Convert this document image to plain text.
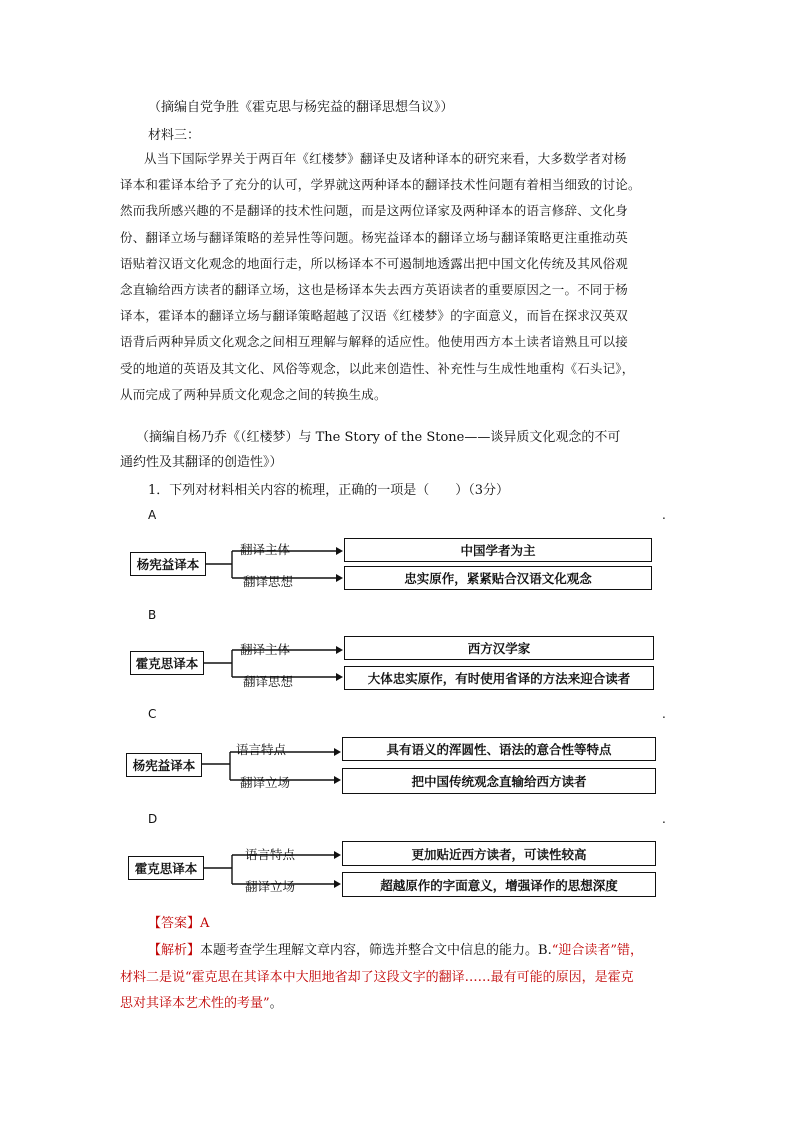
（摘编自党争胜《霍克思与杨宪益的翻译思想刍议》）
材料三：
从当下国际学界关于两百年《红楼梦》翻译史及诸种译本的研究来看，大多数学者对杨
译本和霍译本给予了充分的认可，学界就这两种译本的翻译技术性问题有着相当细致的讨论。
然而我所感兴趣的不是翻译的技术性问题，而是这两位译家及两种译本的语言修辞、文化身
份、翻译立场与翻译策略的差异性等问题。杨宪益译本的翻译立场与翻译策略更注重推动英
语贴着汉语文化观念的地面行走，所以杨译本不可遏制地透露出把中国文化传统及其风俗观
念直输给西方读者的翻译立场，这也是杨译本失去西方英语读者的重要原因之一。不同于杨
译本，霍译本的翻译立场与翻译策略超越了汉语《红楼梦》的字面意义，而旨在探求汉英双
语背后两种异质文化观念之间相互理解与解释的适应性。他使用西方本土读者谙熟且可以接
受的地道的英语及其文化、风俗等观念，以此来创造性、补充性与生成性地重构《石头记》，
从而完成了两种异质文化观念之间的转换生成。
（摘编自杨乃乔《（红楼梦）与 The Story of the Stone——谈异质文化观念的不可
通约性及其翻译的创造性》）
1．下列对材料相关内容的梳理，正确的一项是（　　）（3分）
A	.
杨宪益译本
翻译主体
翻译思想
中国学者为主
忠实原作，紧紧贴合汉语文化观念
B
霍克思译本
翻译主体
翻译思想
西方汉学家
大体忠实原作，有时使用省译的方法来迎合读者
C	.
杨宪益译本
语言特点
翻译立场
具有语义的浑圆性、语法的意合性等特点
把中国传统观念直输给西方读者
D	.
霍克思译本
语言特点
翻译立场
更加贴近西方读者，可读性较高
超越原作的字面意义，增强译作的思想深度
【答案】A
【解析】本题考查学生理解文章内容，筛选并整合文中信息的能力。B.“迎合读者”错，
材料二是说“霍克思在其译本中大胆地省却了这段文字的翻译……最有可能的原因，是霍克
思对其译本艺术性的考量”。
